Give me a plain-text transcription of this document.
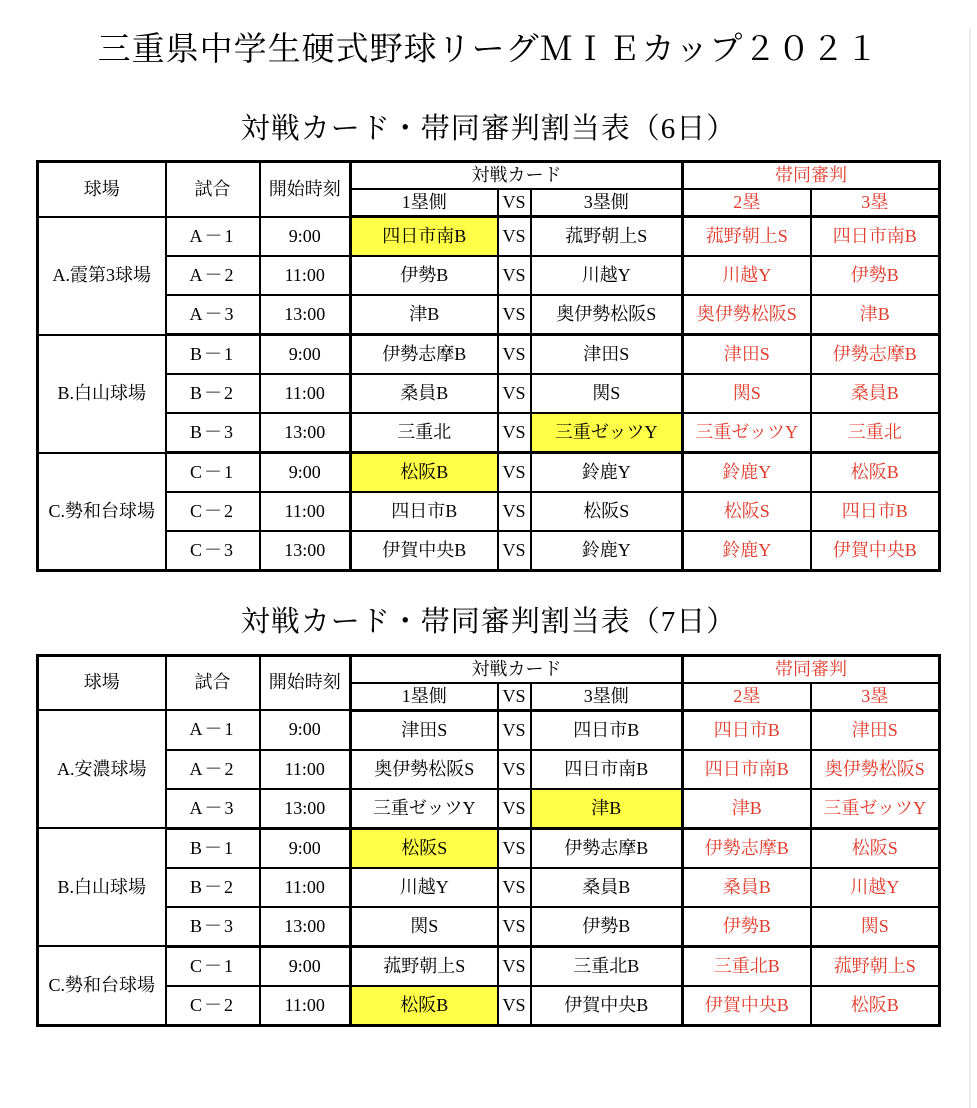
三重県中学生硬式野球リーグＭＩＥカップ２０２１
対戦カード・帯同審判割当表（6日）
球場	試合	開始時刻	対戦カード			帯同審判	
			1塁側	VS	3塁側	2塁	3塁
A.霞第3球場	A－1	9:00	四日市南B	VS	菰野朝上S	菰野朝上S	四日市南B
	A－2	11:00	伊勢B	VS	川越Y	川越Y	伊勢B
	A－3	13:00	津B	VS	奥伊勢松阪S	奥伊勢松阪S	津B
B.白山球場	B－1	9:00	伊勢志摩B	VS	津田S	津田S	伊勢志摩B
	B－2	11:00	桑員B	VS	関S	関S	桑員B
	B－3	13:00	三重北	VS	三重ゼッツY	三重ゼッツY	三重北
C.勢和台球場	C－1	9:00	松阪B	VS	鈴鹿Y	鈴鹿Y	松阪B
	C－2	11:00	四日市B	VS	松阪S	松阪S	四日市B
	C－3	13:00	伊賀中央B	VS	鈴鹿Y	鈴鹿Y	伊賀中央B
対戦カード・帯同審判割当表（7日）
球場	試合	開始時刻	対戦カード			帯同審判	
			1塁側	VS	3塁側	2塁	3塁
A.安濃球場	A－1	9:00	津田S	VS	四日市B	四日市B	津田S
	A－2	11:00	奥伊勢松阪S	VS	四日市南B	四日市南B	奥伊勢松阪S
	A－3	13:00	三重ゼッツY	VS	津B	津B	三重ゼッツY
B.白山球場	B－1	9:00	松阪S	VS	伊勢志摩B	伊勢志摩B	松阪S
	B－2	11:00	川越Y	VS	桑員B	桑員B	川越Y
	B－3	13:00	関S	VS	伊勢B	伊勢B	関S
C.勢和台球場	C－1	9:00	菰野朝上S	VS	三重北B	三重北B	菰野朝上S
	C－2	11:00	松阪B	VS	伊賀中央B	伊賀中央B	松阪B
